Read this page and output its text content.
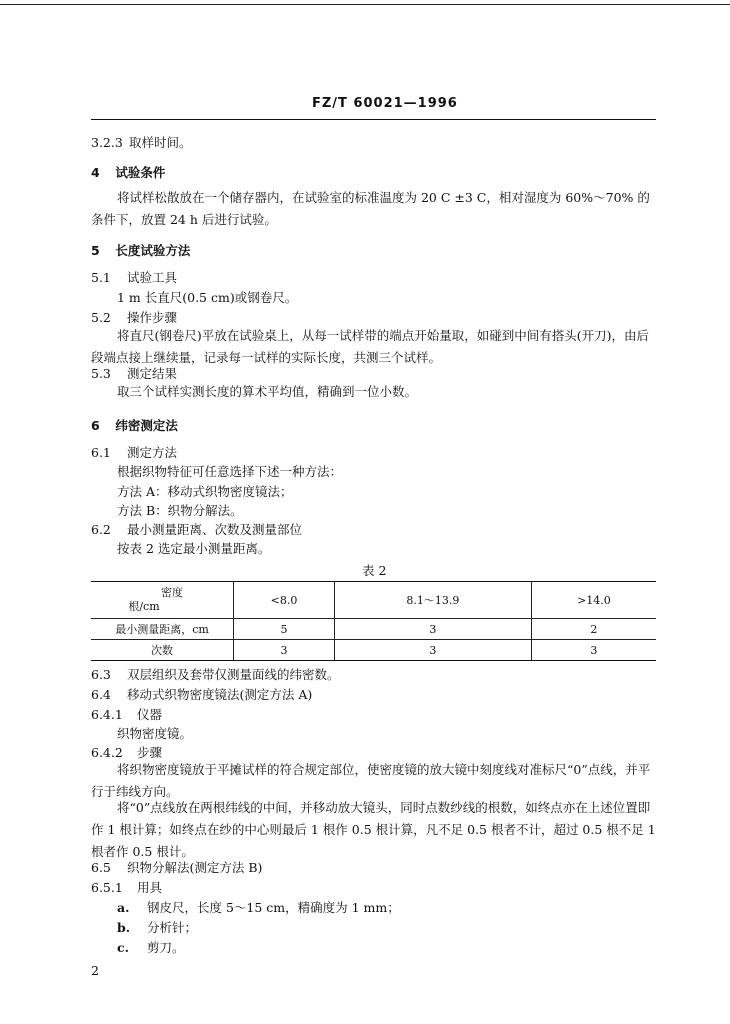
FZ/T 60021—1996
3.2.3 取样时间。
4 试验条件
将试样松散放在一个储存器内，在试验室的标准温度为 20 C ±3 C，相对湿度为 60%～70% 的条件下，放置 24 h 后进行试验。
5 长度试验方法
5.1 试验工具
1 m 长直尺(0.5 cm)或钢卷尺。
5.2 操作步骤
将直尺(钢卷尺)平放在试验桌上，从每一试样带的端点开始量取，如碰到中间有搭头(开刀)，由后段端点接上继续量，记录每一试样的实际长度，共测三个试样。
5.3 测定结果
取三个试样实测长度的算术平均值，精确到一位小数。
6 纬密测定法
6.1 测定方法
根据织物特征可任意选择下述一种方法：
方法 A：移动式织物密度镜法；
方法 B：织物分解法。
6.2 最小测量距离、次数及测量部位
按表 2 选定最小测量距离。
表 2
密度
根/cm	<8.0	8.1～13.9	>14.0
最小测量距离，cm	5	3	2
次数	3	3	3
6.3 双层组织及套带仅测量面线的纬密数。
6.4 移动式织物密度镜法(测定方法 A)
6.4.1 仪器
织物密度镜。
6.4.2 步骤
将织物密度镜放于平摊试样的符合规定部位，使密度镜的放大镜中刻度线对准标尺“0”点线，并平行于纬线方向。
将“0”点线放在两根纬线的中间，并移动放大镜头，同时点数纱线的根数，如终点亦在上述位置即作 1 根计算；如终点在纱的中心则最后 1 根作 0.5 根计算，凡不足 0.5 根者不计，超过 0.5 根不足 1 根者作 0.5 根计。
6.5 织物分解法(测定方法 B)
6.5.1 用具
a. 钢皮尺，长度 5～15 cm，精确度为 1 mm；
b. 分析针；
c. 剪刀。
2
